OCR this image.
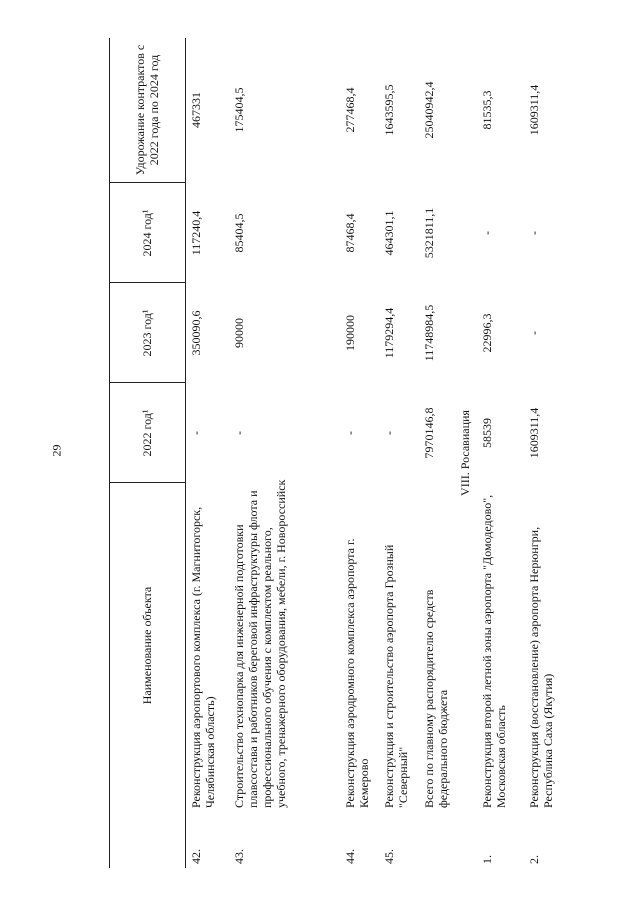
29
Наименование объекта
2022 год¹
2023 год¹
2024 год¹
Удорожание контрактов с 2022 года по 2024 год
42.
Реконструкция аэропортового комплекса (г. Магнитогорск, Челябинская область)
-
350090,6
117240,4
467331
43.
Строительство технопарка для инженерной подготовки плавсостава и работников береговой инфраструктуры флота и профессионального обучения с комплектом реального, учебного, тренажерного оборудования, мебели, г. Новороссийск
-
90000
85404,5
175404,5
44.
Реконструкция аэродромного комплекса аэропорта г. Кемерово
-
190000
87468,4
277468,4
45.
Реконструкция и строительство аэропорта Грозный "Северный"
-
1179294,4
464301,1
1643595,5
Всего по главному распорядителю средств федерального бюджета
7970146,8
11748984,5
5321811,1
25040942,4
VIII. Росавиация
1.
Реконструкция второй летной зоны аэропорта "Домодедово", Московская область
58539
22996,3
-
81535,3
2.
Реконструкция (восстановление) аэропорта Нерюнгри, Республика Саха (Якутия)
1609311,4
-
-
1609311,4
